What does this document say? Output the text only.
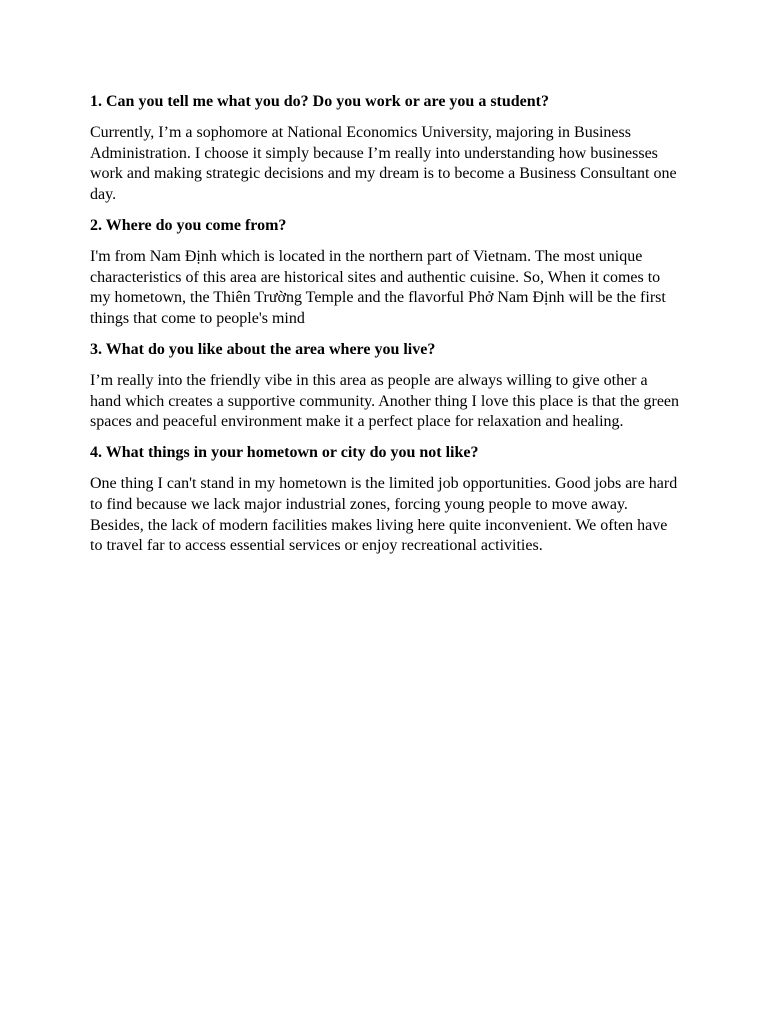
1. Can you tell me what you do? Do you work or are you a student?

Currently, I’m a sophomore at National Economics University, majoring in Business Administration. I choose it simply because I’m really into understanding how businesses work and making strategic decisions and my dream is to become a Business Consultant one day.

2. Where do you come from?

I'm from Nam Định which is located in the northern part of Vietnam. The most unique characteristics of this area are historical sites and authentic cuisine. So, When it comes to my hometown, the Thiên Trường Temple and the flavorful Phở Nam Định will be the first things that come to people's mind

3. What do you like about the area where you live?

I’m really into the friendly vibe in this area as people are always willing to give other a hand which creates a supportive community. Another thing I love this place is that the green spaces and peaceful environment make it a perfect place for relaxation and healing.

4. What things in your hometown or city do you not like?

One thing I can't stand in my hometown is the limited job opportunities. Good jobs are hard to find because we lack major industrial zones, forcing young people to move away. Besides, the lack of modern facilities makes living here quite inconvenient. We often have to travel far to access essential services or enjoy recreational activities.
